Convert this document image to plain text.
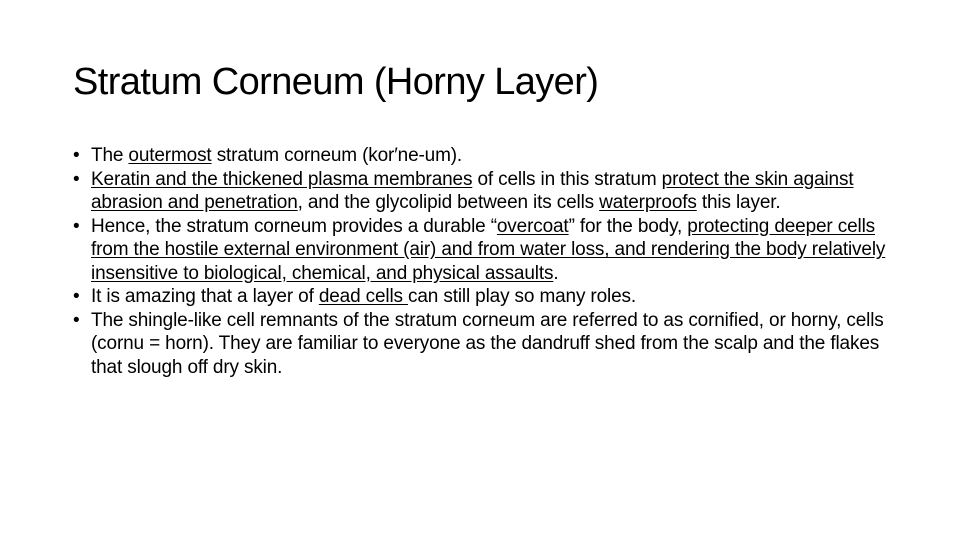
Stratum Corneum (Horny Layer)
• The outermost stratum corneum (kor′ne-um).
• Keratin and the thickened plasma membranes of cells in this stratum protect the skin against abrasion and penetration, and the glycolipid between its cells waterproofs this layer.
• Hence, the stratum corneum provides a durable “overcoat” for the body, protecting deeper cells from the hostile external environment (air) and from water loss, and rendering the body relatively insensitive to biological, chemical, and physical assaults.
• It is amazing that a layer of dead cells can still play so many roles.
• The shingle-like cell remnants of the stratum corneum are referred to as cornified, or horny, cells (cornu = horn). They are familiar to everyone as the dandruff shed from the scalp and the flakes that slough off dry skin.
